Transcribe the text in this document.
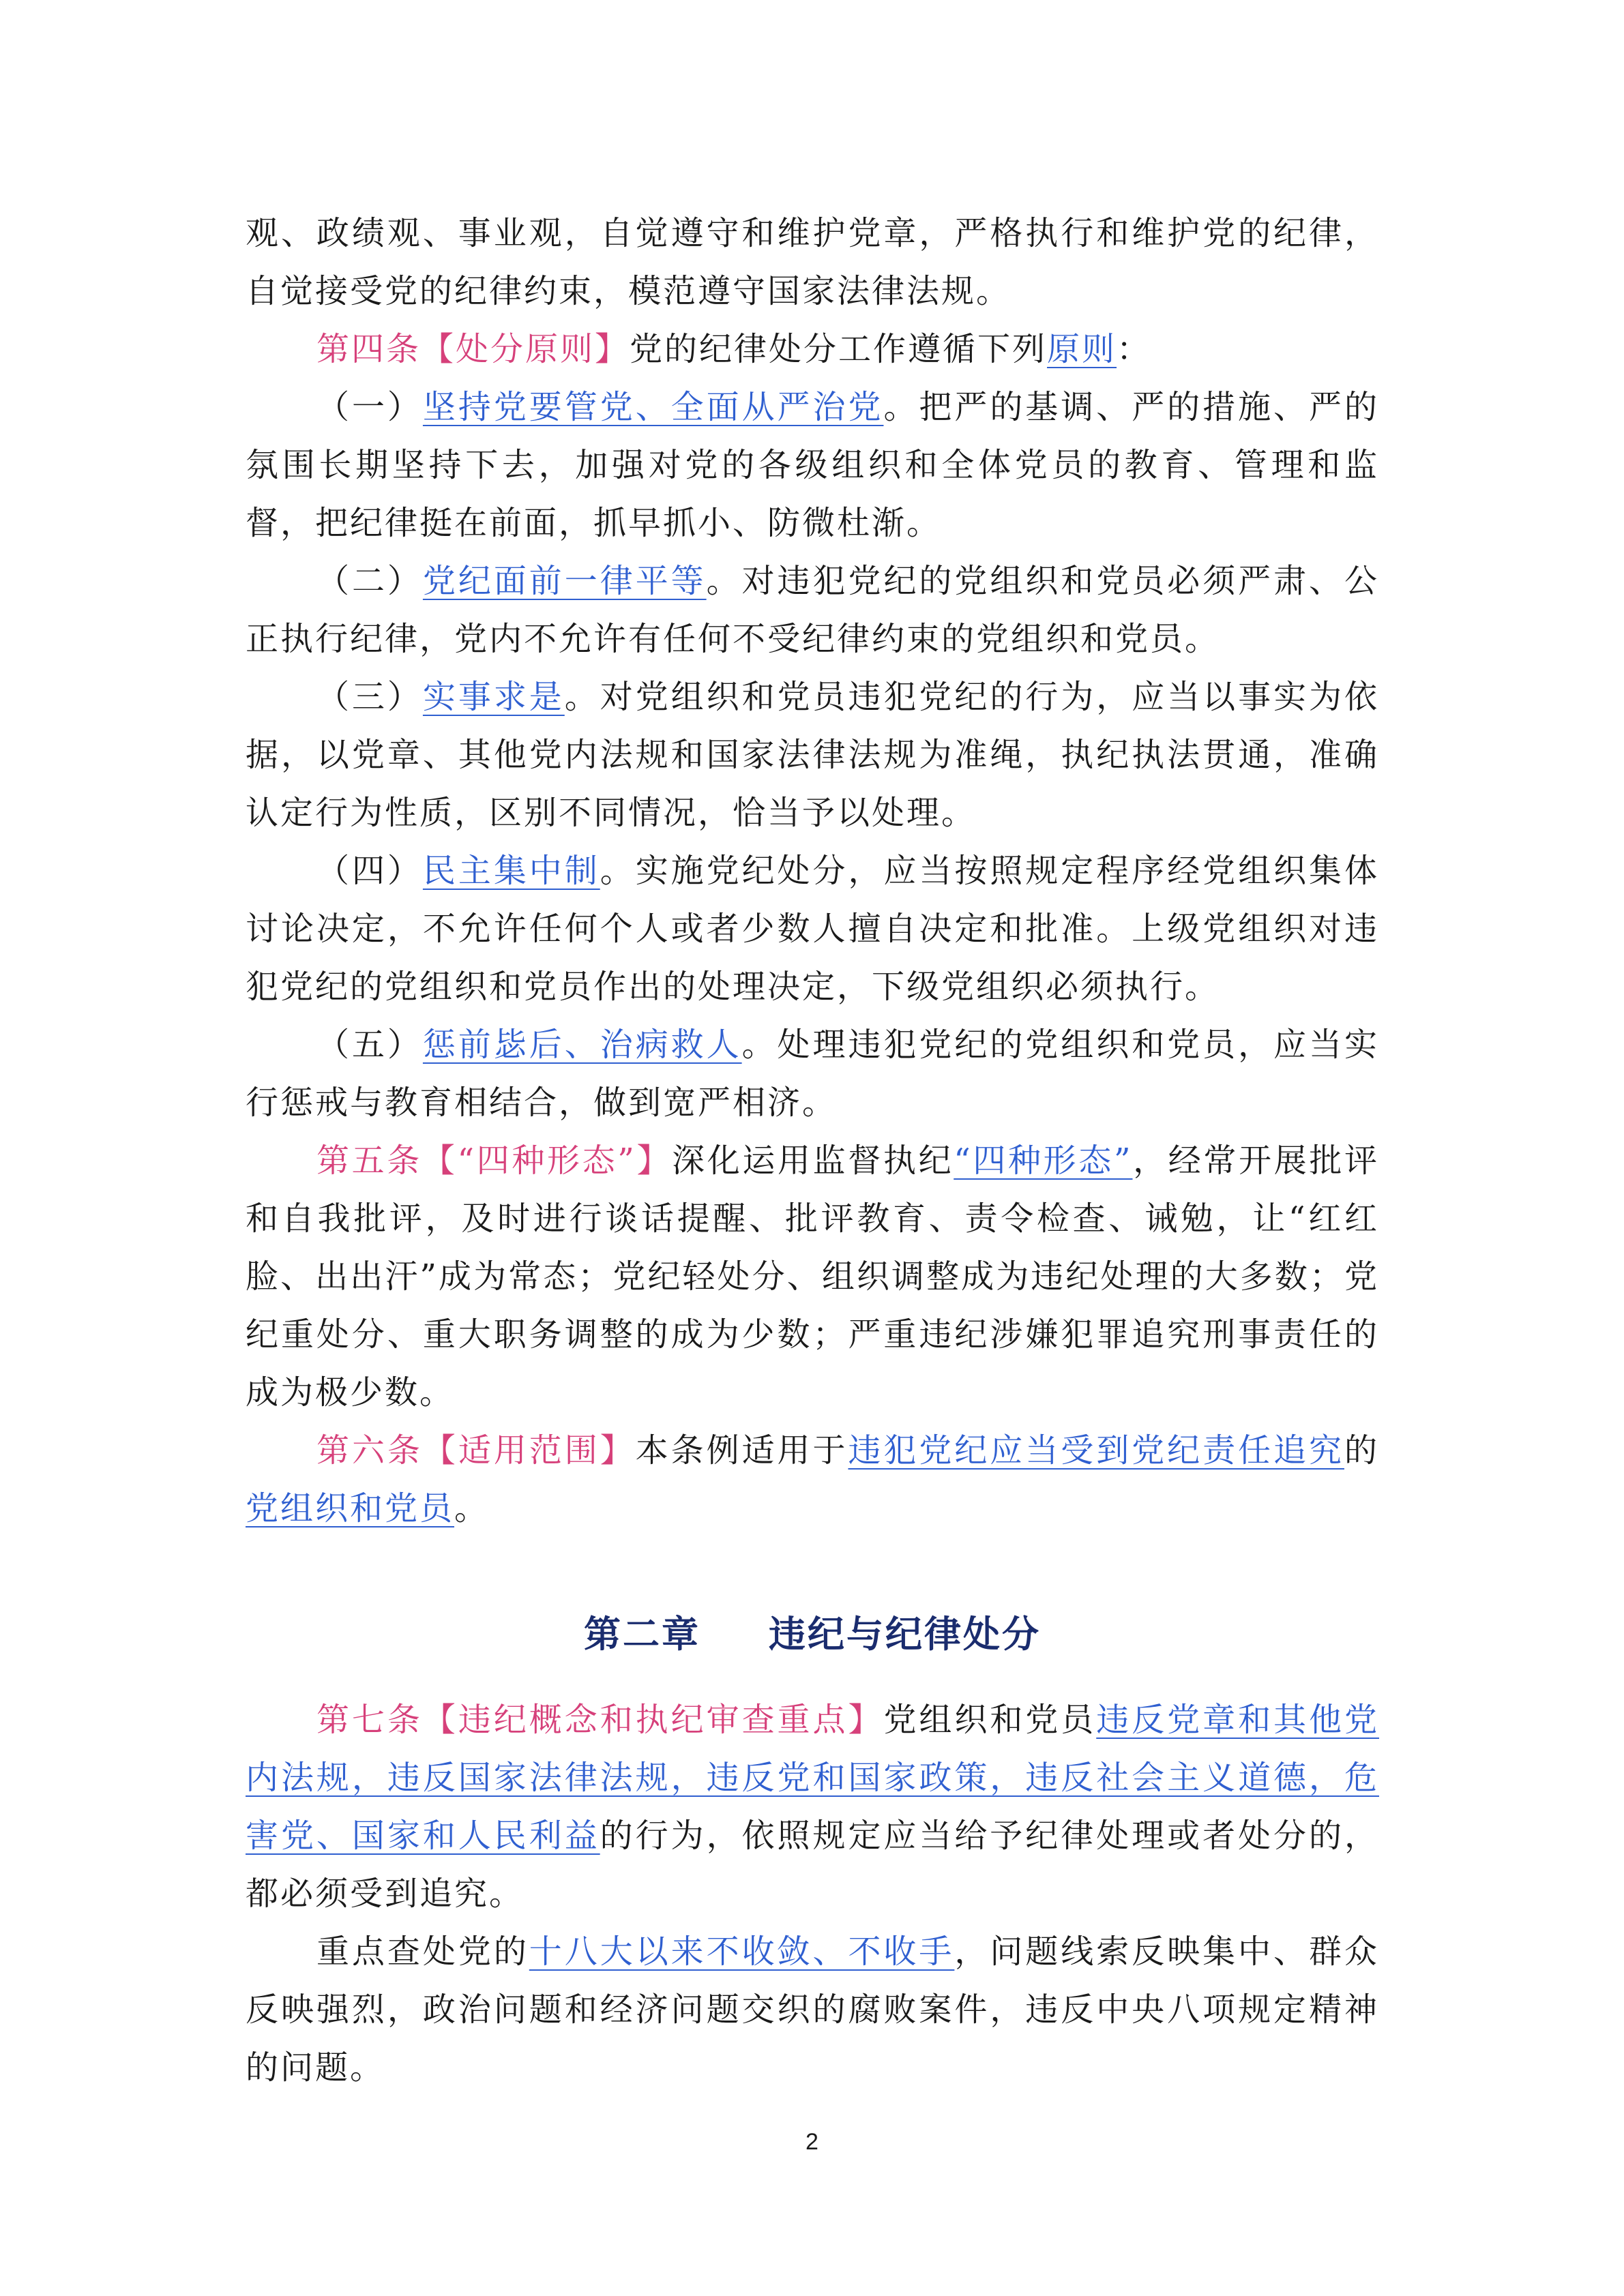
观、政绩观、事业观，自觉遵守和维护党章，严格执行和维护党的纪律，自觉接受党的纪律约束，模范遵守国家法律法规。

第四条【处分原则】党的纪律处分工作遵循下列原则：

（一）坚持党要管党、全面从严治党。把严的基调、严的措施、严的氛围长期坚持下去，加强对党的各级组织和全体党员的教育、管理和监督，把纪律挺在前面，抓早抓小、防微杜渐。

（二）党纪面前一律平等。对违犯党纪的党组织和党员必须严肃、公正执行纪律，党内不允许有任何不受纪律约束的党组织和党员。

（三）实事求是。对党组织和党员违犯党纪的行为，应当以事实为依据，以党章、其他党内法规和国家法律法规为准绳，执纪执法贯通，准确认定行为性质，区别不同情况，恰当予以处理。

（四）民主集中制。实施党纪处分，应当按照规定程序经党组织集体讨论决定，不允许任何个人或者少数人擅自决定和批准。上级党组织对违犯党纪的党组织和党员作出的处理决定，下级党组织必须执行。

（五）惩前毖后、治病救人。处理违犯党纪的党组织和党员，应当实行惩戒与教育相结合，做到宽严相济。

第五条【“四种形态”】深化运用监督执纪“四种形态”，经常开展批评和自我批评，及时进行谈话提醒、批评教育、责令检查、诫勉，让“红红脸、出出汗”成为常态；党纪轻处分、组织调整成为违纪处理的大多数；党纪重处分、重大职务调整的成为少数；严重违纪涉嫌犯罪追究刑事责任的成为极少数。

第六条【适用范围】本条例适用于违犯党纪应当受到党纪责任追究的党组织和党员。

第二章 违纪与纪律处分

第七条【违纪概念和执纪审查重点】党组织和党员违反党章和其他党内法规，违反国家法律法规，违反党和国家政策，违反社会主义道德，危害党、国家和人民利益的行为，依照规定应当给予纪律处理或者处分的，都必须受到追究。

重点查处党的十八大以来不收敛、不收手，问题线索反映集中、群众反映强烈，政治问题和经济问题交织的腐败案件，违反中央八项规定精神的问题。

2
